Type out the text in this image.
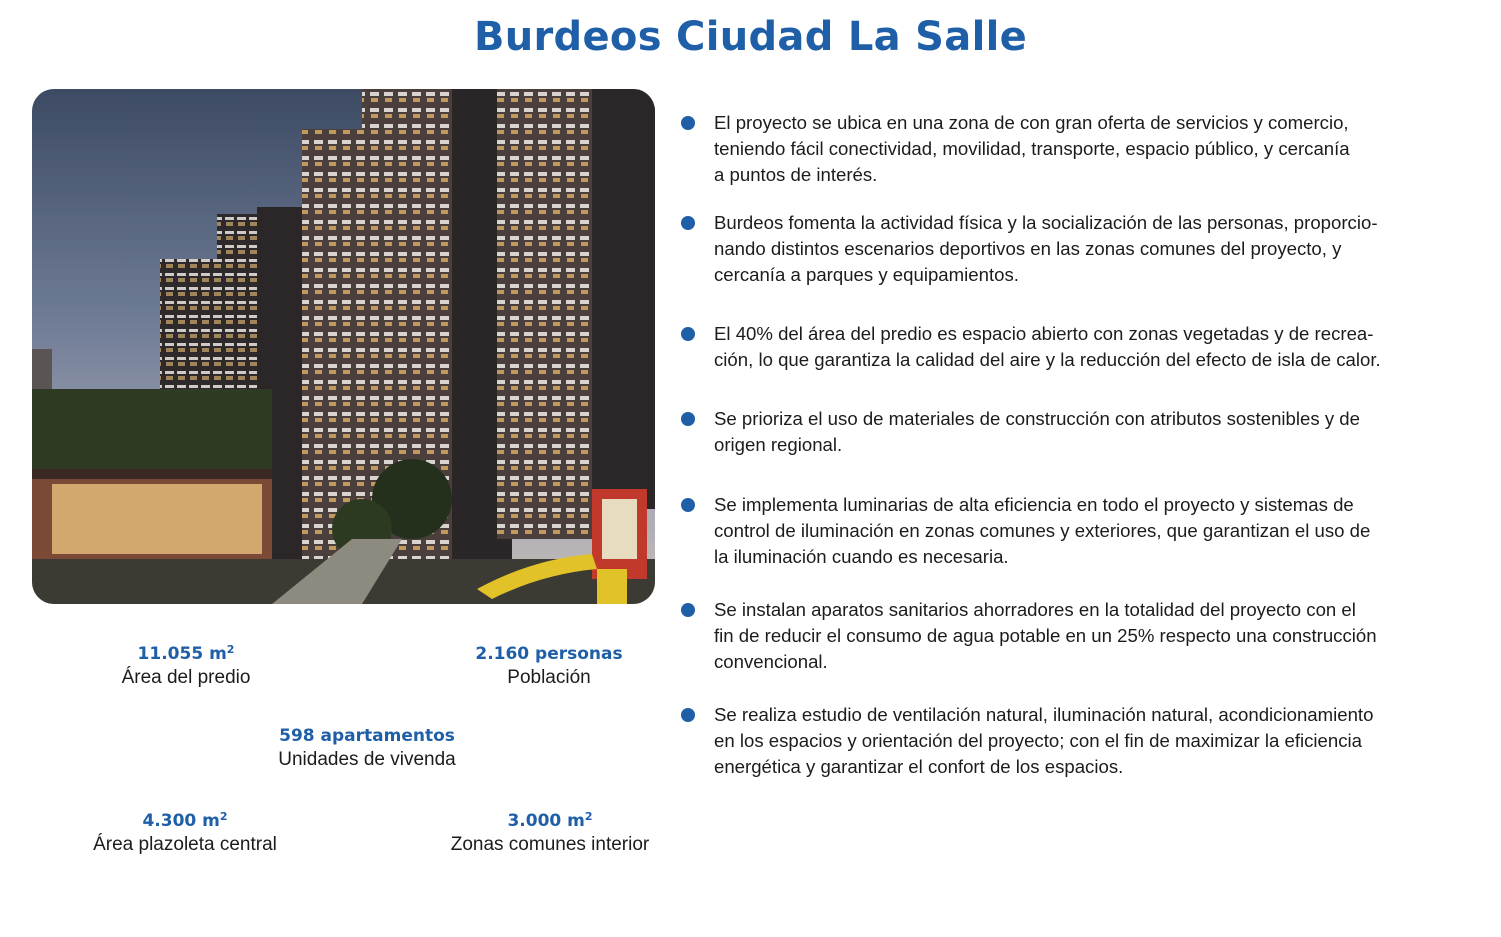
Burdeos Ciudad La Salle
11.055 $m^2$
Área del predio
2.160 personas
Población
598 apartamentos
Unidades de vivenda
4.300 $m^2$
Área plazoleta central
3.000 $m^2$
Zonas comunes interior
El proyecto se ubica en una zona de con gran oferta de servicios y comercio,
teniendo fácil conectividad, movilidad, transporte, espacio público, y cercanía
a puntos de interés.
Burdeos fomenta la actividad física y la socialización de las personas, proporcio-
nando distintos escenarios deportivos en las zonas comunes del proyecto, y
cercanía a parques y equipamientos.
El 40% del área del predio es espacio abierto con zonas vegetadas y de recrea-
ción, lo que garantiza la calidad del aire y la reducción del efecto de isla de calor.
Se prioriza el uso de materiales de construcción con atributos sostenibles y de
origen regional.
Se implementa luminarias de alta eficiencia en todo el proyecto y sistemas de
control de iluminación en zonas comunes y exteriores, que garantizan el uso de
la iluminación cuando es necesaria.
Se instalan aparatos sanitarios ahorradores en la totalidad del proyecto con el
fin de reducir el consumo de agua potable en un 25% respecto una construcción
convencional.
Se realiza estudio de ventilación natural, iluminación natural, acondicionamiento
en los espacios y orientación del proyecto; con el fin de maximizar la eficiencia
energética y garantizar el confort de los espacios.
